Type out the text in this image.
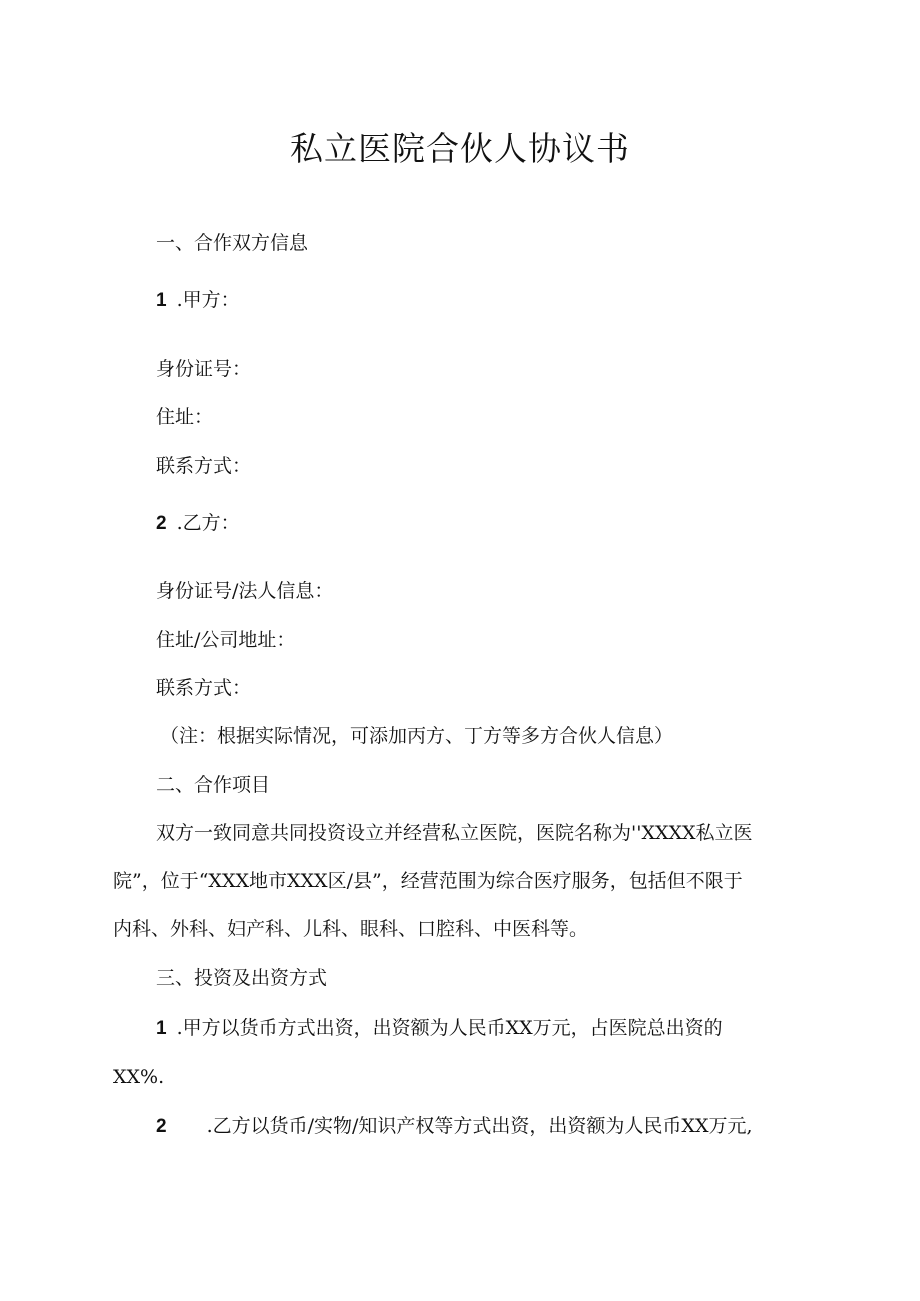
私立医院合伙人协议书
一、合作双方信息
1 .甲方：
身份证号：
住址：
联系方式：
2 .乙方：
身份证号/法人信息：
住址/公司地址：
联系方式：
（注：根据实际情况，可添加丙方、丁方等多方合伙人信息）
二、合作项目
双方一致同意共同投资设立并经营私立医院，医院名称为''XXXX私立医
院”，位于“XXX地市XXX区/县”，经营范围为综合医疗服务，包括但不限于
内科、外科、妇产科、儿科、眼科、口腔科、中医科等。
三、投资及出资方式
1 .甲方以货币方式出资，出资额为人民币XX万元，占医院总出资的
XX%.
2 .乙方以货币/实物/知识产权等方式出资，出资额为人民币XX万元,
